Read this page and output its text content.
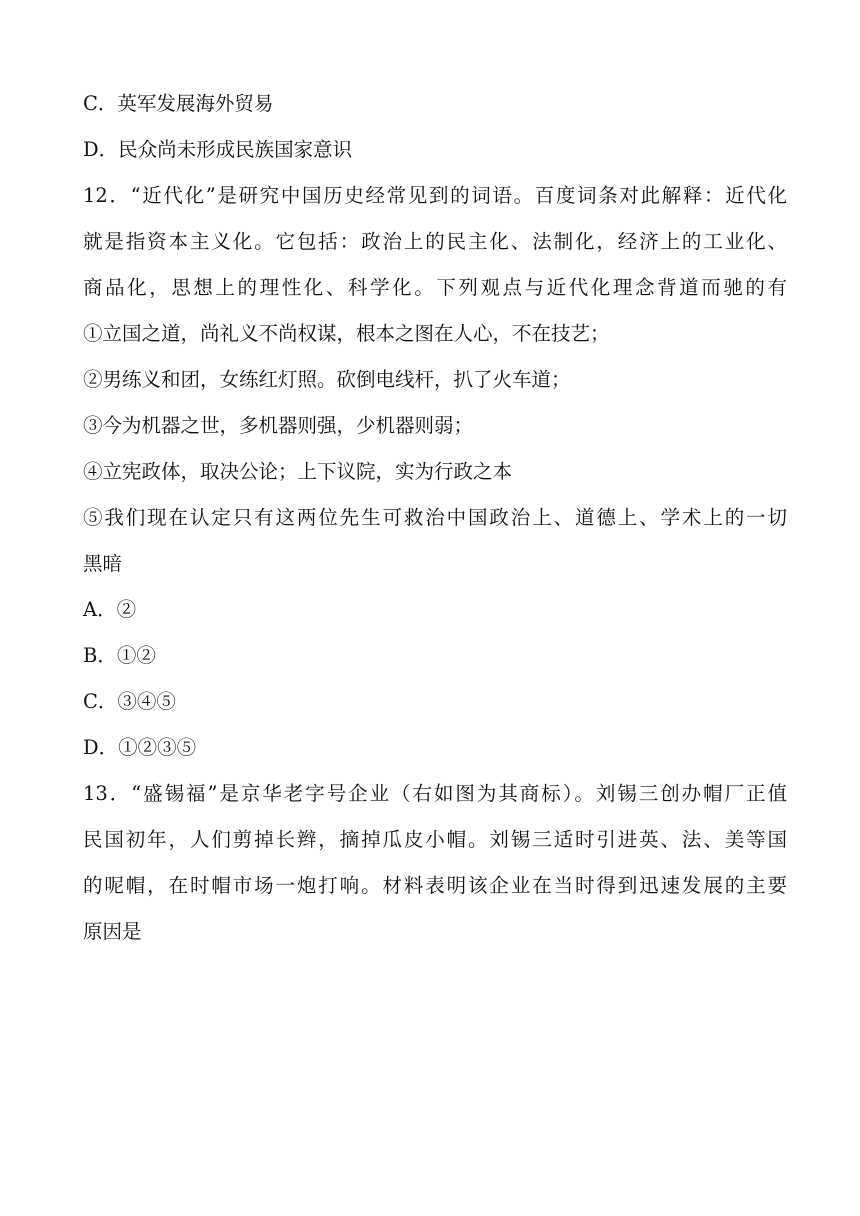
C．英军发展海外贸易
D．民众尚未形成民族国家意识
12．“近代化”是研究中国历史经常见到的词语。百度词条对此解释：近代化
就是指资本主义化。它包括：政治上的民主化、法制化，经济上的工业化、
商品化，思想上的理性化、科学化。下列观点与近代化理念背道而驰的有
①立国之道，尚礼义不尚权谋，根本之图在人心，不在技艺；
②男练义和团，女练红灯照。砍倒电线杆，扒了火车道；
③今为机器之世，多机器则强，少机器则弱；
④立宪政体，取决公论；上下议院，实为行政之本
⑤我们现在认定只有这两位先生可救治中国政治上、道德上、学术上的一切
黑暗
A．②
B．①②
C．③④⑤
D．①②③⑤
13．“盛锡福”是京华老字号企业（右如图为其商标）。刘锡三创办帽厂正值
民国初年，人们剪掉长辫，摘掉瓜皮小帽。刘锡三适时引进英、法、美等国
的呢帽，在时帽市场一炮打响。材料表明该企业在当时得到迅速发展的主要
原因是
